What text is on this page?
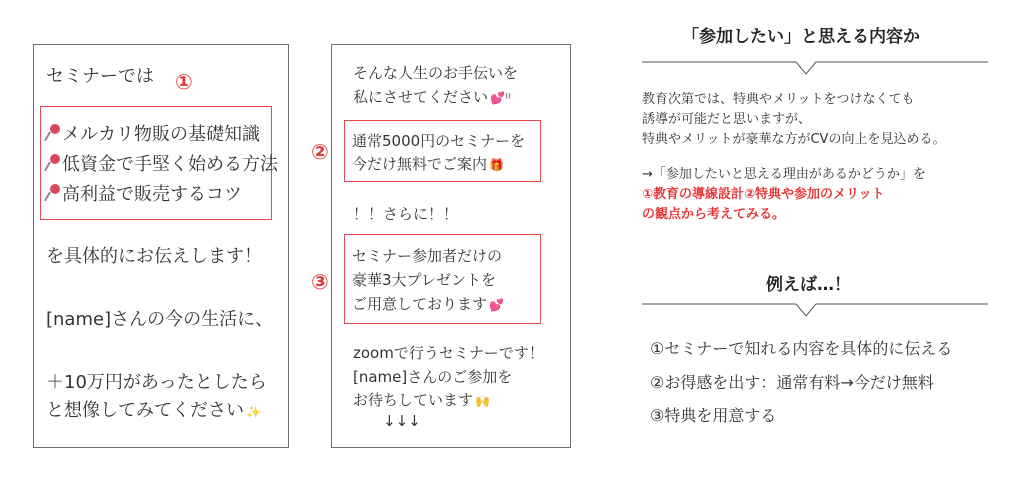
セミナーでは ①
メルカリ物販の基礎知識
低資金で手堅く始める方法
高利益で販売するコツ
を具体的にお伝えします！
[name]さんの今の生活に、
＋10万円があったとしたら
と想像してみてください ✨
そんな人生のお手伝いを
私にさせてください 💕⁾⁾
② 通常5000円のセミナーを
今だけ無料でご案内 🎁
！！さらに！！
③
セミナー参加者だけの
豪華3大プレゼントを
ご用意しております 💕
zoomで行うセミナーです！
[name]さんのご参加を
お待ちしています 🙌
↓↓↓
「参加したい」と思える内容か
教育次第では、特典やメリットをつけなくても
誘導が可能だと思いますが、
特典やメリットが豪華な方がCVの向上を見込める。
→「参加したいと思える理由があるかどうか」を
①教育の導線設計②特典や参加のメリット
の観点から考えてみる。
例えば…！
①セミナーで知れる内容を具体的に伝える
②お得感を出す：通常有料→今だけ無料
③特典を用意する
